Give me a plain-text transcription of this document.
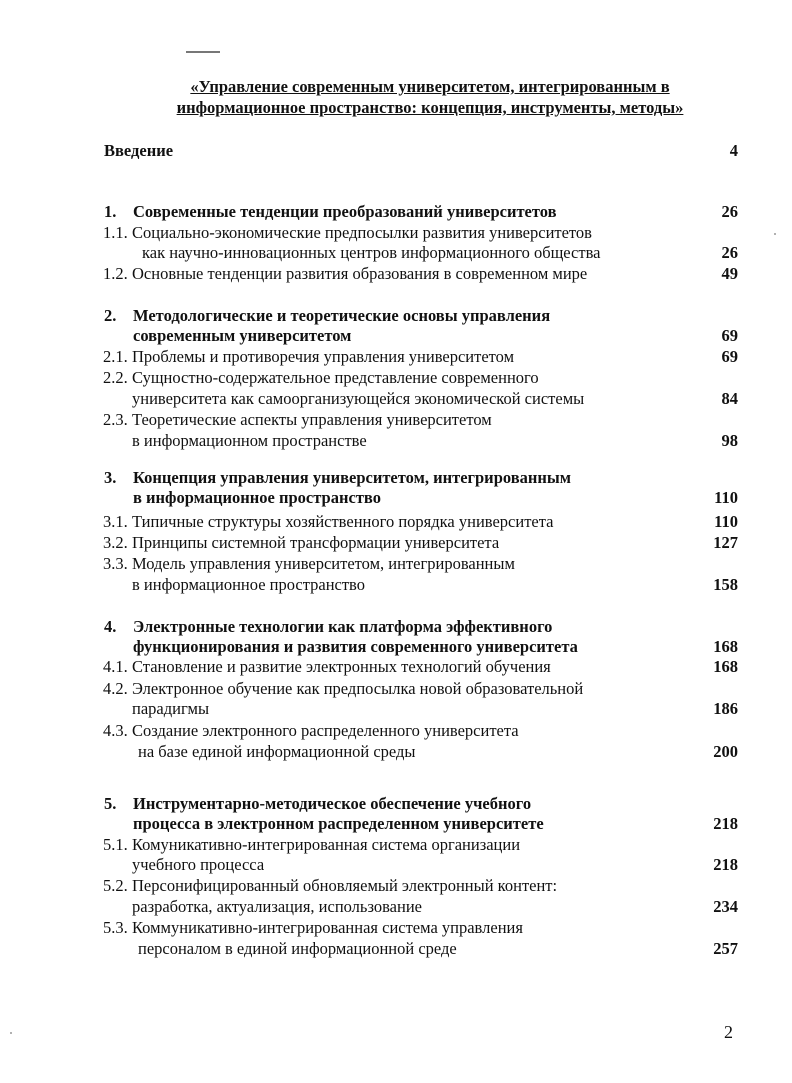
«Управление современным университетом, интегрированным в
информационное пространство: концепция, инструменты, методы»
Введение	4
1. Современные тенденции преобразований университетов	26
1.1. Социально-экономические предпосылки развития университетов
как научно-инновационных центров информационного общества	26
1.2. Основные тенденции развития образования в современном мире	49
2. Методологические и теоретические основы управления
современным университетом	69
2.1. Проблемы и противоречия управления университетом	69
2.2. Сущностно-содержательное представление современного
университета как самоорганизующейся экономической системы	84
2.3. Теоретические аспекты управления университетом
в информационном пространстве	98
3. Концепция управления университетом, интегрированным
в информационное пространство	110
3.1. Типичные структуры хозяйственного порядка университета	110
3.2. Принципы системной трансформации университета	127
3.3. Модель управления университетом, интегрированным
в информационное пространство	158
4. Электронные технологии как платформа эффективного
функционирования и развития современного университета	168
4.1. Становление и развитие электронных технологий обучения	168
4.2. Электронное обучение как предпосылка новой образовательной
парадигмы	186
4.3. Создание электронного распределенного университета
на базе единой информационной среды	200
5. Инструментарно-методическое обеспечение учебного
процесса в электронном распределенном университете	218
5.1. Комуникативно-интегрированная система организации
учебного процесса	218
5.2. Персонифицированный обновляемый электронный контент:
разработка, актуализация, использование	234
5.3. Коммуникативно-интегрированная система управления
персоналом в единой информационной среде	257
2
